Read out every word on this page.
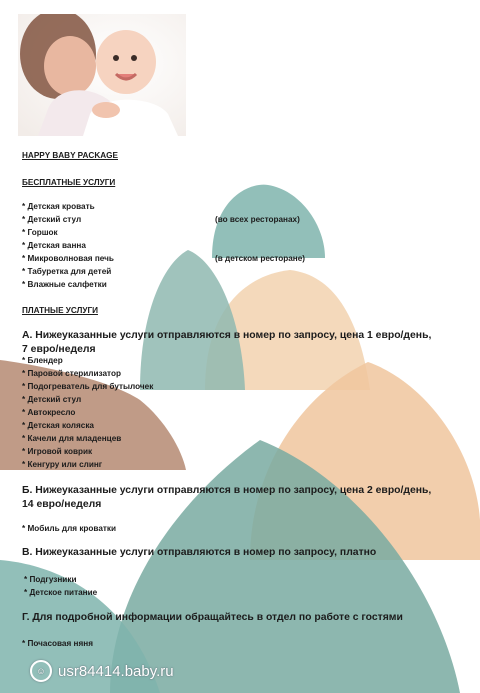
HAPPY BABY PACKAGE
БЕСПЛАТНЫЕ УСЛУГИ
* Детская кровать
* Детский стул
* Горшок
* Детская ванна
* Микроволновая печь
* Табуретка для детей
* Влажные салфетки
(во всех ресторанах)
(в детском ресторане)
ПЛАТНЫЕ УСЛУГИ
А. Нижеуказанные услуги отправляются в номер по запросу, цена 1 евро/день,
7 евро/неделя
* Блендер
* Паровой стерилизатор
* Подогреватель для бутылочек
* Детский стул
* Автокресло
* Детская коляска
* Качели для младенцев
* Игровой коврик
* Кенгуру или слинг
Б. Нижеуказанные услуги отправляются в номер по запросу, цена 2 евро/день,
14 евро/неделя
* Мобиль для кроватки
В. Нижеуказанные услуги отправляются в номер по запросу, платно
* Подгузники
* Детское питание
Г. Для подробной информации обращайтесь в отдел по работе с гостями
* Почасовая няня
☺ usr84414.baby.ru
